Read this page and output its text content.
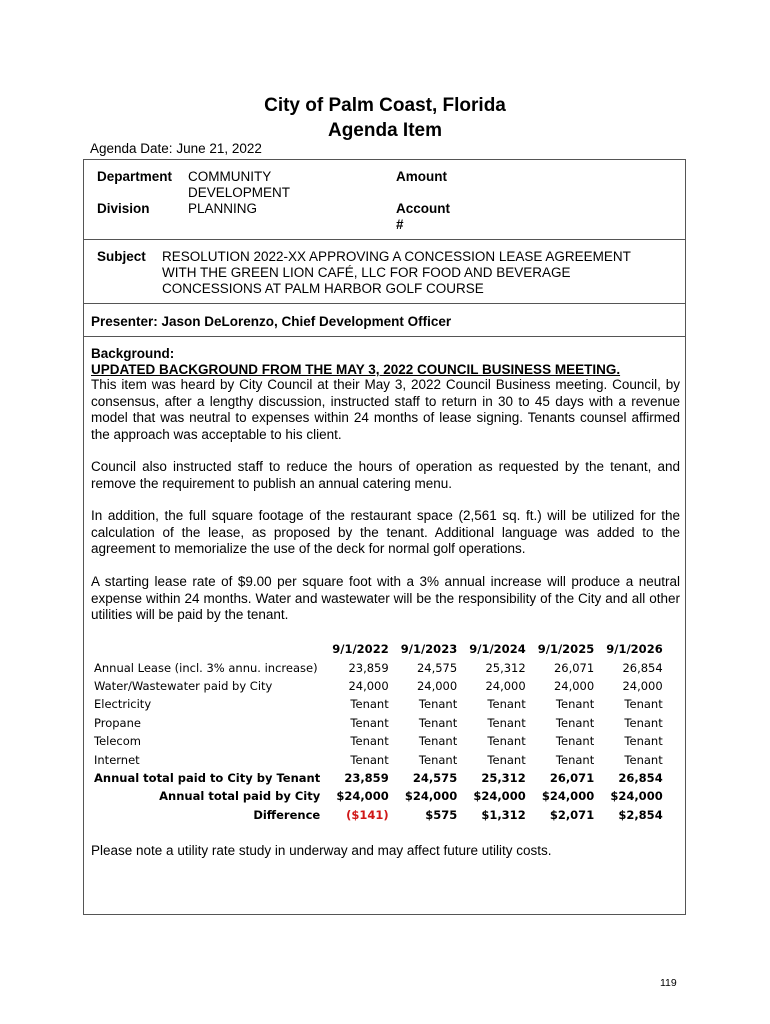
City of Palm Coast, Florida
Agenda Item
Agenda Date: June 21, 2022
Department COMMUNITY
DEVELOPMENT
Division	PLANNING
Amount
Account
#
Subject RESOLUTION 2022-XX APPROVING A CONCESSION LEASE AGREEMENT
WITH THE GREEN LION CAFÉ, LLC FOR FOOD AND BEVERAGE
CONCESSIONS AT PALM HARBOR GOLF COURSE
Presenter: Jason DeLorenzo, Chief Development Officer
Background:
UPDATED BACKGROUND FROM THE MAY 3, 2022 COUNCIL BUSINESS MEETING.
This item was heard by City Council at their May 3, 2022 Council Business meeting. Council, by consensus, after a lengthy discussion, instructed staff to return in 30 to 45 days with a revenue model that was neutral to expenses within 24 months of lease signing. Tenants counsel affirmed the approach was acceptable to his client.
Council also instructed staff to reduce the hours of operation as requested by the tenant, and remove the requirement to publish an annual catering menu.
In addition, the full square footage of the restaurant space (2,561 sq. ft.) will be utilized for the calculation of the lease, as proposed by the tenant. Additional language was added to the agreement to memorialize the use of the deck for normal golf operations.
A starting lease rate of $9.00 per square foot with a 3% annual increase will produce a neutral expense within 24 months. Water and wastewater will be the responsibility of the City and all other utilities will be paid by the tenant.
	9/1/2022	9/1/2023	9/1/2024	9/1/2025	9/1/2026
Annual Lease (incl. 3% annu. increase)	23,859	24,575	25,312	26,071	26,854
Water/Wastewater paid by City	24,000	24,000	24,000	24,000	24,000
Electricity	Tenant	Tenant	Tenant	Tenant	Tenant
Propane	Tenant	Tenant	Tenant	Tenant	Tenant
Telecom	Tenant	Tenant	Tenant	Tenant	Tenant
Internet	Tenant	Tenant	Tenant	Tenant	Tenant
Annual total paid to City by Tenant	23,859	24,575	25,312	26,071	26,854
Annual total paid by City	$24,000	$24,000	$24,000	$24,000	$24,000
Difference	($141)	$575	$1,312	$2,071	$2,854
Please note a utility rate study in underway and may affect future utility costs.
119
